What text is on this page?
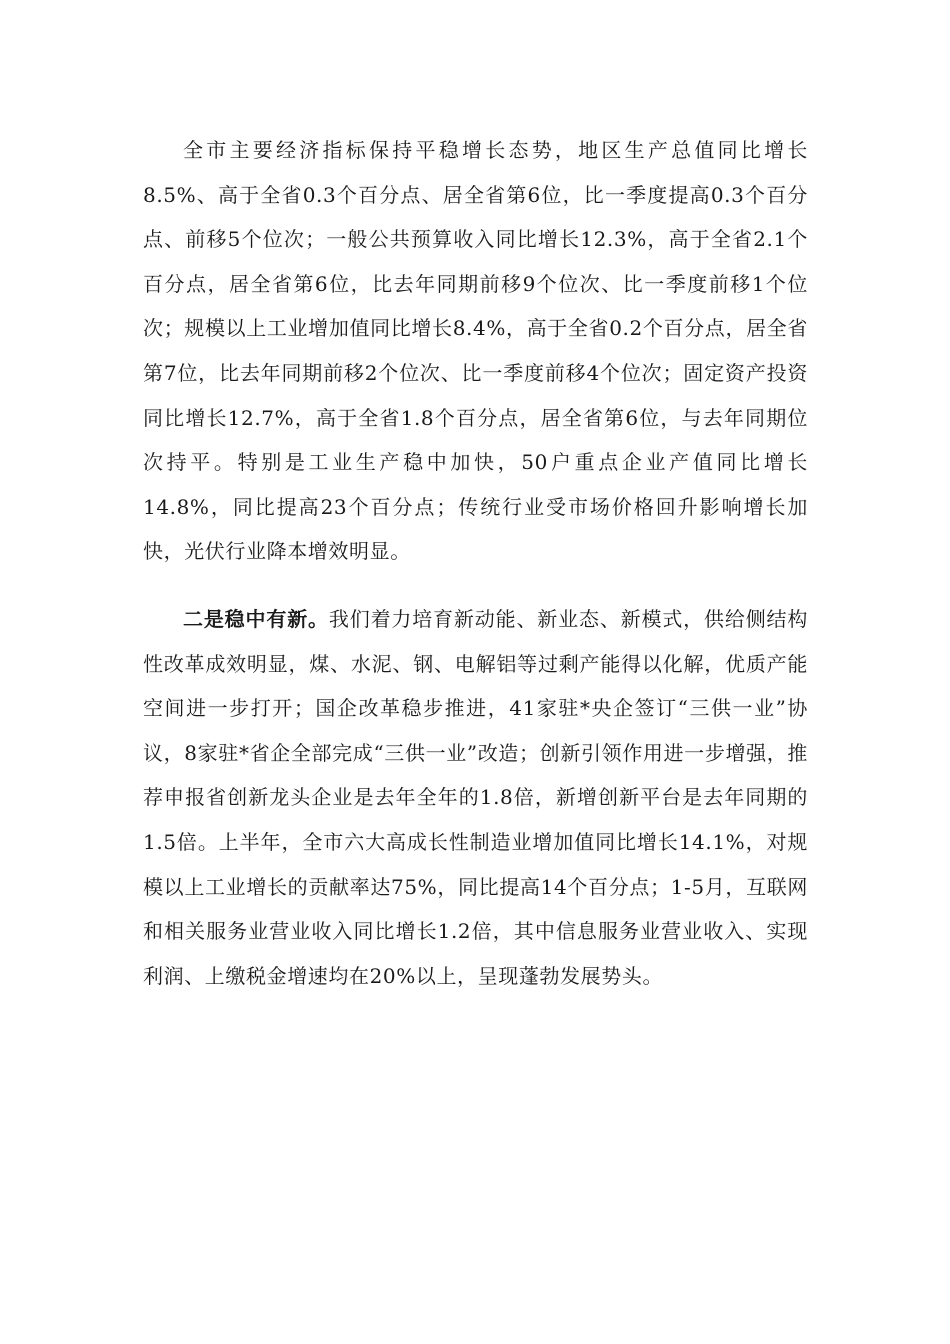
全市主要经济指标保持平稳增长态势，地区生产总值同比增长8.5%、高于全省0.3个百分点、居全省第6位，比一季度提高0.3个百分点、前移5个位次；一般公共预算收入同比增长12.3%，高于全省2.1个百分点，居全省第6位，比去年同期前移9个位次、比一季度前移1个位次；规模以上工业增加值同比增长8.4%，高于全省0.2个百分点，居全省第7位，比去年同期前移2个位次、比一季度前移4个位次；固定资产投资同比增长12.7%，高于全省1.8个百分点，居全省第6位，与去年同期位次持平。特别是工业生产稳中加快，50户重点企业产值同比增长14.8%，同比提高23个百分点；传统行业受市场价格回升影响增长加快，光伏行业降本增效明显。

二是稳中有新。我们着力培育新动能、新业态、新模式，供给侧结构性改革成效明显，煤、水泥、钢、电解铝等过剩产能得以化解，优质产能空间进一步打开；国企改革稳步推进，41家驻*央企签订“三供一业”协议，8家驻*省企全部完成“三供一业”改造；创新引领作用进一步增强，推荐申报省创新龙头企业是去年全年的1.8倍，新增创新平台是去年同期的1.5倍。上半年，全市六大高成长性制造业增加值同比增长14.1%，对规模以上工业增长的贡献率达75%，同比提高14个百分点；1-5月，互联网和相关服务业营业收入同比增长1.2倍，其中信息服务业营业收入、实现利润、上缴税金增速均在20%以上，呈现蓬勃发展势头。
